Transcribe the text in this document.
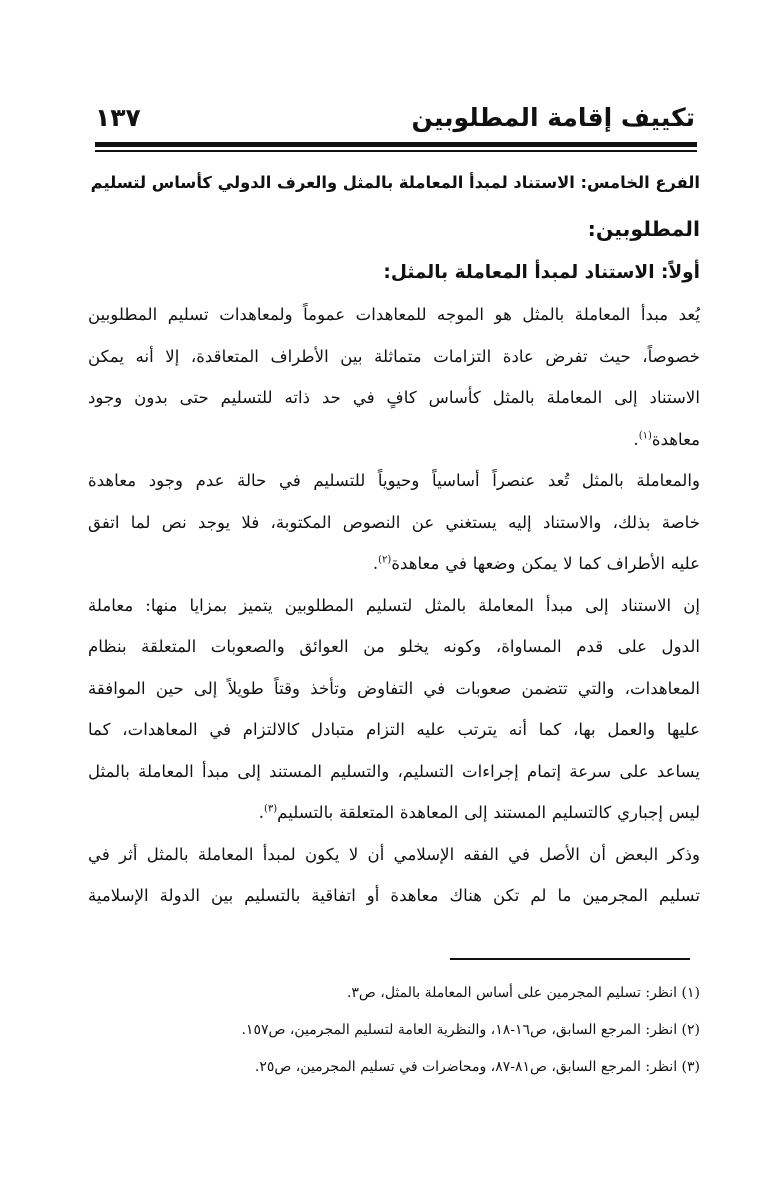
تكييف إقامة المطلوبين
١٣٧
الفرع الخامس: الاستناد لمبدأ المعاملة بالمثل والعرف الدولي كأساس لتسليم
المطلوبين:
أولاً: الاستناد لمبدأ المعاملة بالمثل:

يُعد مبدأ المعاملة بالمثل هو الموجه للمعاهدات عموماً ولمعاهدات تسليم المطلوبين
خصوصاً، حيث تفرض عادة التزامات متماثلة بين الأطراف المتعاقدة، إلا أنه يمكن
الاستناد إلى المعاملة بالمثل كأساس كافٍ في حد ذاته للتسليم حتى بدون وجود
معاهدة$^{(١)}$.

والمعاملة بالمثل تُعد عنصراً أساسياً وحيوياً للتسليم في حالة عدم وجود معاهدة
خاصة بذلك، والاستناد إليه يستغني عن النصوص المكتوبة، فلا يوجد نص لما اتفق
عليه الأطراف كما لا يمكن وضعها في معاهدة$^{(٢)}$.

إن الاستناد إلى مبدأ المعاملة بالمثل لتسليم المطلوبين يتميز بمزايا منها: معاملة
الدول على قدم المساواة، وكونه يخلو من العوائق والصعوبات المتعلقة بنظام
المعاهدات، والتي تتضمن صعوبات في التفاوض وتأخذ وقتاً طويلاً إلى حين الموافقة
عليها والعمل بها، كما أنه يترتب عليه التزام متبادل كالالتزام في المعاهدات، كما
يساعد على سرعة إتمام إجراءات التسليم، والتسليم المستند إلى مبدأ المعاملة بالمثل
ليس إجباري كالتسليم المستند إلى المعاهدة المتعلقة بالتسليم$^{(٣)}$.

وذكر البعض أن الأصل في الفقه الإسلامي أن لا يكون لمبدأ المعاملة بالمثل أثر في
تسليم المجرمين ما لم تكن هناك معاهدة أو اتفاقية بالتسليم بين الدولة الإسلامية

(١) انظر: تسليم المجرمين على أساس المعاملة بالمثل، ص٣.

(٢) انظر: المرجع السابق، ص١٦-١٨، والنظرية العامة لتسليم المجرمين، ص١٥٧.

(٣) انظر: المرجع السابق، ص٨١-٨٧، ومحاضرات في تسليم المجرمين، ص٢٥.
